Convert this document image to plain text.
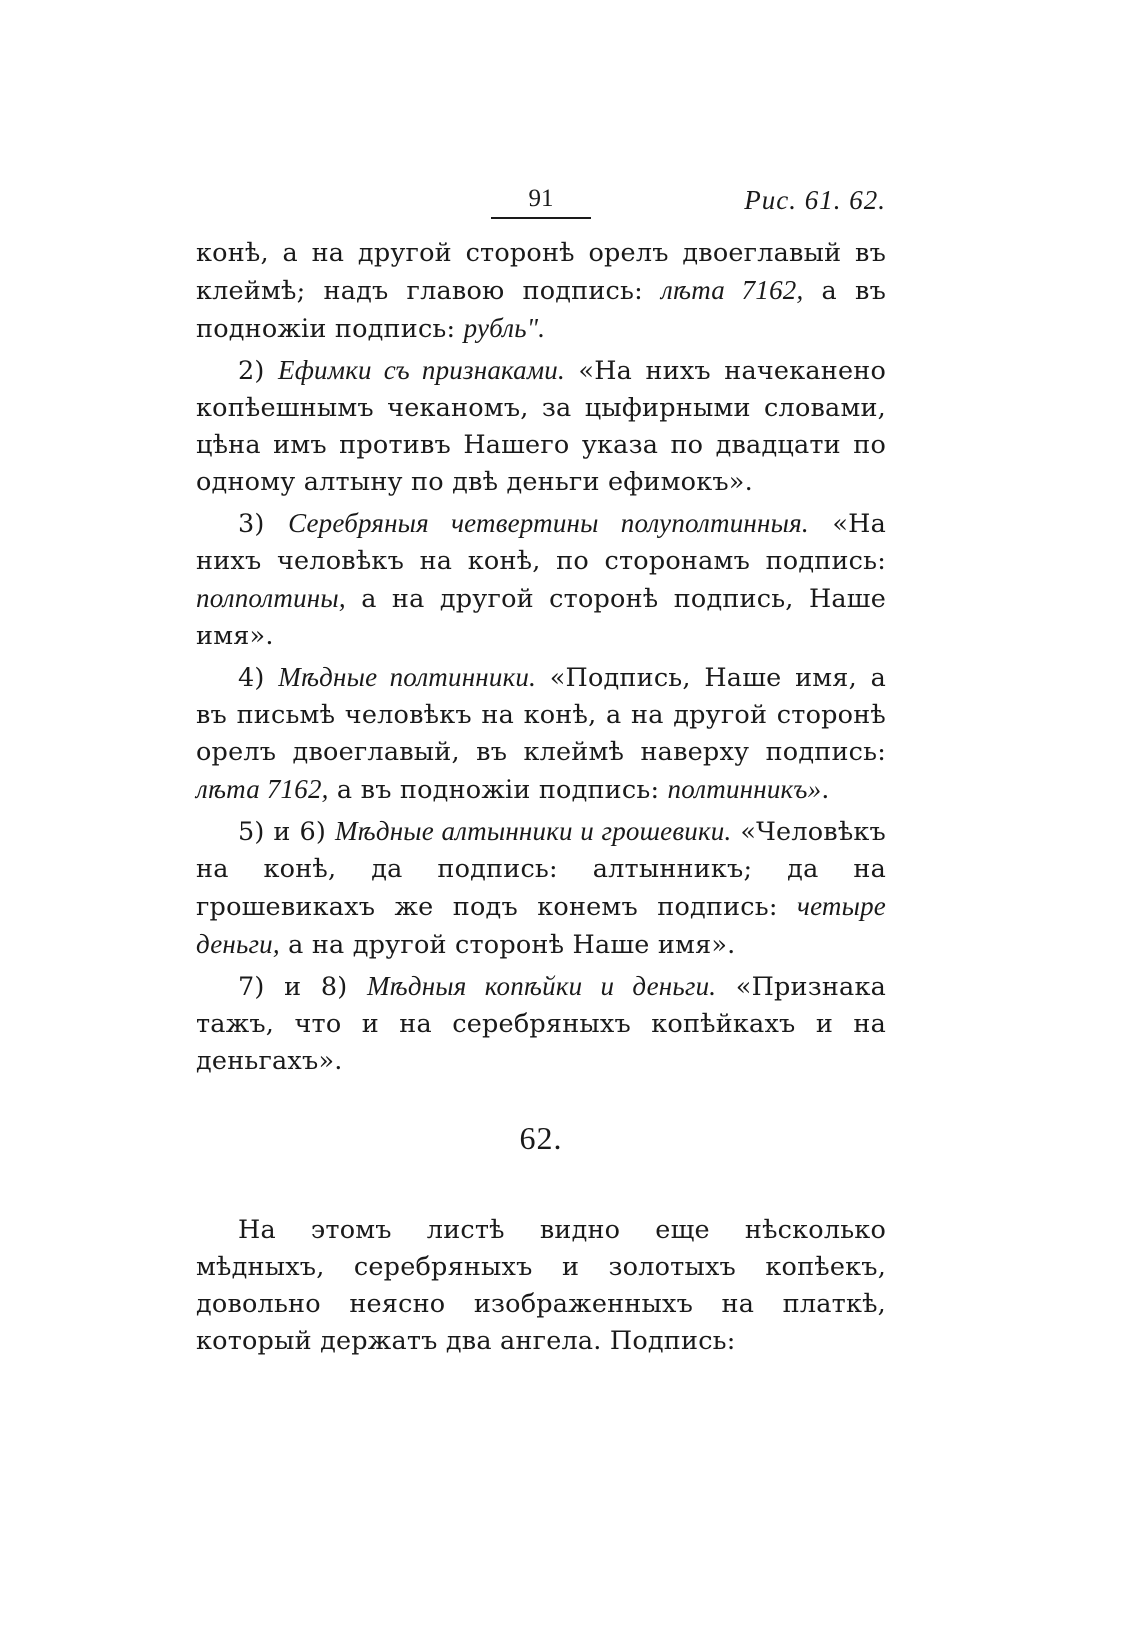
91	Рис. 61. 62.

конѣ, а на другой сторонѣ орелъ двоеглавый въ клеймѣ; надъ главою подпись: лѣта 7162, а въ подножiи подпись: рубль".

2) Ефимки съ признаками. «На нихъ начеканено копѣешнымъ чеканомъ, за цыфирными словами, цѣна имъ противъ Нашего указа по двадцати по одному алтыну по двѣ деньги ефимокъ».

3) Серебряныя четвертины полуполтинныя. «На нихъ человѣкъ на конѣ, по сторонамъ подпись: полполтины, а на другой сторонѣ подпись, Наше имя».

4) Мѣдные полтинники. «Подпись, Наше имя, а въ письмѣ человѣкъ на конѣ, а на другой сторонѣ орелъ двоеглавый, въ клеймѣ наверху подпись: лѣта 7162, а въ подножiи подпись: полтинникъ».

5) и 6) Мѣдные алтынники и грошевики. «Человѣкъ на конѣ, да подпись: алтынникъ; да на грошевикахъ же подъ конемъ подпись: четыре деньги, а на другой сторонѣ Наше имя».

7) и 8) Мѣдныя копѣйки и деньги. «Признака тажъ, что и на серебряныхъ копѣйкахъ и на деньгахъ».

62.

На этомъ листѣ видно еще нѣсколько мѣдныхъ, серебряныхъ и золотыхъ копѣекъ, довольно неясно изображенныхъ на платкѣ, который держатъ два ангела. Подпись:
